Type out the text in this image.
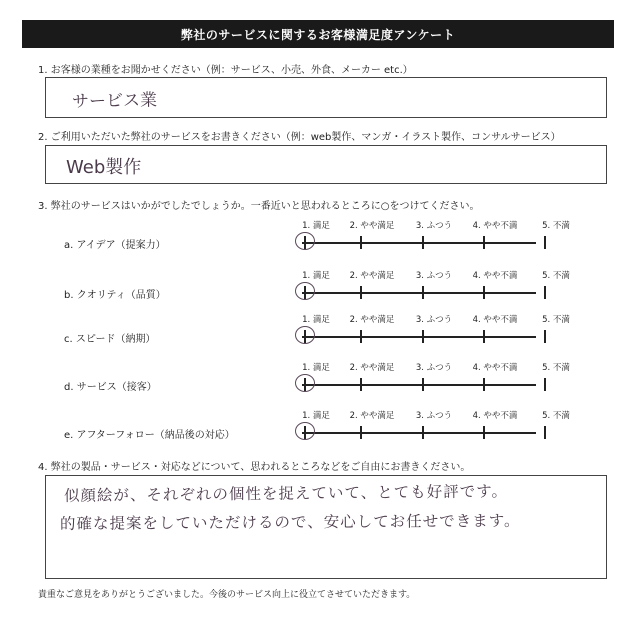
弊社のサービスに関するお客様満足度アンケート
1. お客様の業種をお聞かせください（例：サービス、小売、外食、メーカー etc.）
サービス業
2. ご利用いただいた弊社のサービスをお書きください（例：web製作、マンガ・イラスト製作、コンサルサービス）
Web製作
3. 弊社のサービスはいかがでしたでしょうか。一番近いと思われるところに○をつけてください。
a. アイデア（提案力）
1. 満足 2. やや満足	3. ふつう 4. やや不満	5. 不満
b. クオリティ（品質）
1. 満足 2. やや満足	3. ふつう 4. やや不満	5. 不満
c. スピード（納期）
1. 満足 2. やや満足	3. ふつう 4. やや不満	5. 不満
d. サービス（接客）
1. 満足 2. やや満足	3. ふつう 4. やや不満	5. 不満
e. アフターフォロー（納品後の対応）
1. 満足 2. やや満足	3. ふつう 4. やや不満	5. 不満
4. 弊社の製品・サービス・対応などについて、思われるところなどをご自由にお書きください。
似顔絵が、それぞれの個性を捉えていて、とても好評です。
的確な提案をしていただけるので、安心してお任せできます。
貴重なご意見をありがとうございました。今後のサービス向上に役立てさせていただきます。
